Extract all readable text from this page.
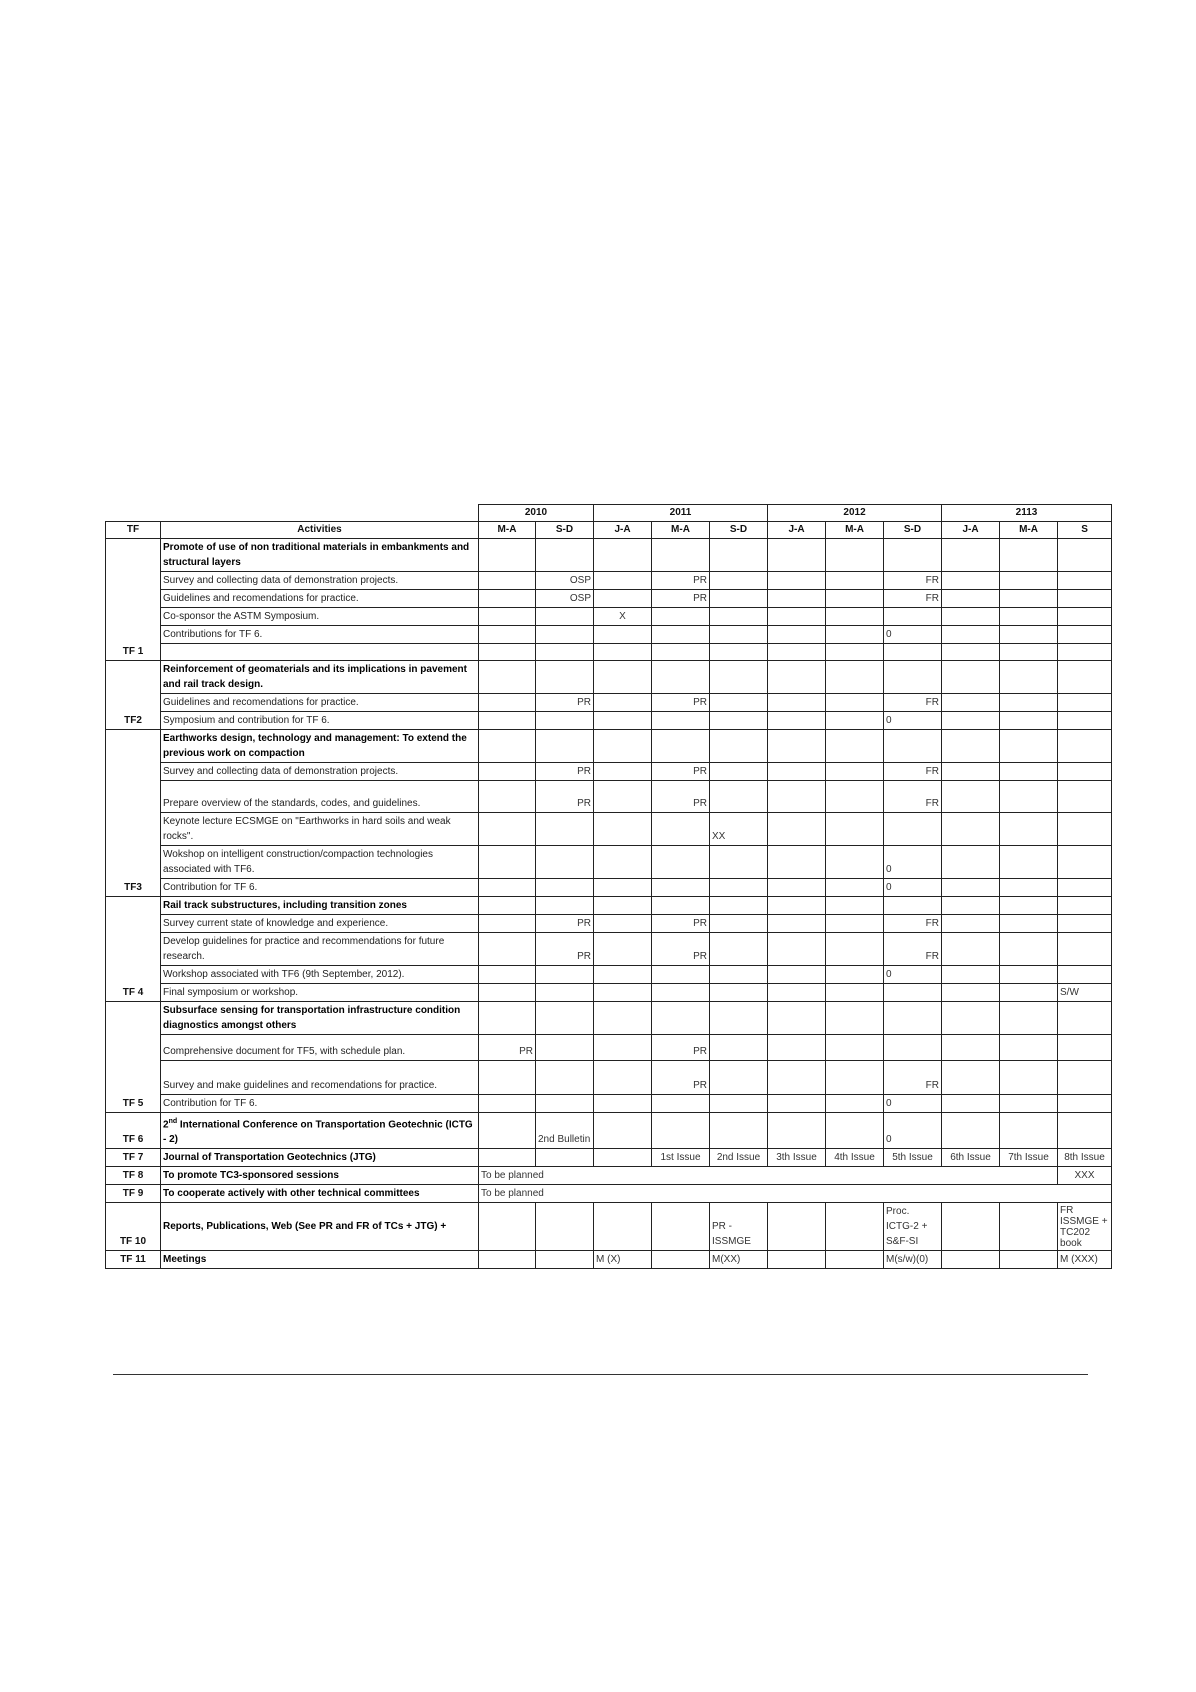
		2010		2011			2012			2113		
TF	Activities	M-A	S-D	J-A	M-A	S-D	J-A	M-A	S-D	J-A	M-A	S
TF 1	Promote of use of non traditional materials in embankments and structural layers											
	Survey and collecting data of demonstration projects.		OSP		PR				FR			
	Guidelines and recomendations for practice.		OSP		PR				FR			
	Co-sponsor the ASTM Symposium.			X								
	Contributions for TF 6.								0			

TF2	Reinforcement of geomaterials and its implications in pavement and rail track design.											
	Guidelines and recomendations for practice.		PR		PR				FR			
	Symposium and contribution for TF 6.								0			
TF3	Earthworks design, technology and management: To extend the previous work on compaction											
	Survey and collecting data of demonstration projects.		PR		PR				FR			
	Prepare overview of the standards, codes, and guidelines.		PR		PR				FR			
	Keynote lecture ECSMGE on "Earthworks in hard soils and weak rocks".					XX						
	Wokshop on intelligent construction/compaction technologies associated with TF6.								0			
	Contribution for TF 6.								0			
TF 4	Rail track substructures, including transition zones											
	Survey current state of knowledge and experience.		PR		PR				FR			
	Develop guidelines for practice and recommendations for future research.		PR		PR				FR			
	Workshop associated with TF6 (9th September, 2012).								0			
	Final symposium or workshop.											S/W
TF 5	Subsurface sensing for transportation infrastructure condition diagnostics amongst others											
	Comprehensive document for TF5, with schedule plan.	PR			PR							
	Survey and make guidelines and recomendations for practice.				PR				FR			
	Contribution for TF 6.								0			
TF 6	2nd International Conference on Transportation Geotechnic (ICTG - 2)		2nd Bulletin						0			
TF 7	Journal of Transportation Geotechnics (JTG)				1st Issue	2nd Issue	3th Issue	4th Issue	5th Issue	6th Issue	7th Issue	8th Issue
TF 8	To promote TC3-sponsored sessions	To be planned										XXX
TF 9	To cooperate actively with other technical committees	To be planned										
TF 10	Reports, Publications, Web (See PR and FR of TCs + JTG) +					PR - ISSMGE			Proc. ICTG-2 + S&F-SI			FR ISSMGE + TC202 book
TF 11	Meetings			M (X)		M(XX)			M(s/w)(0)			M (XXX)
